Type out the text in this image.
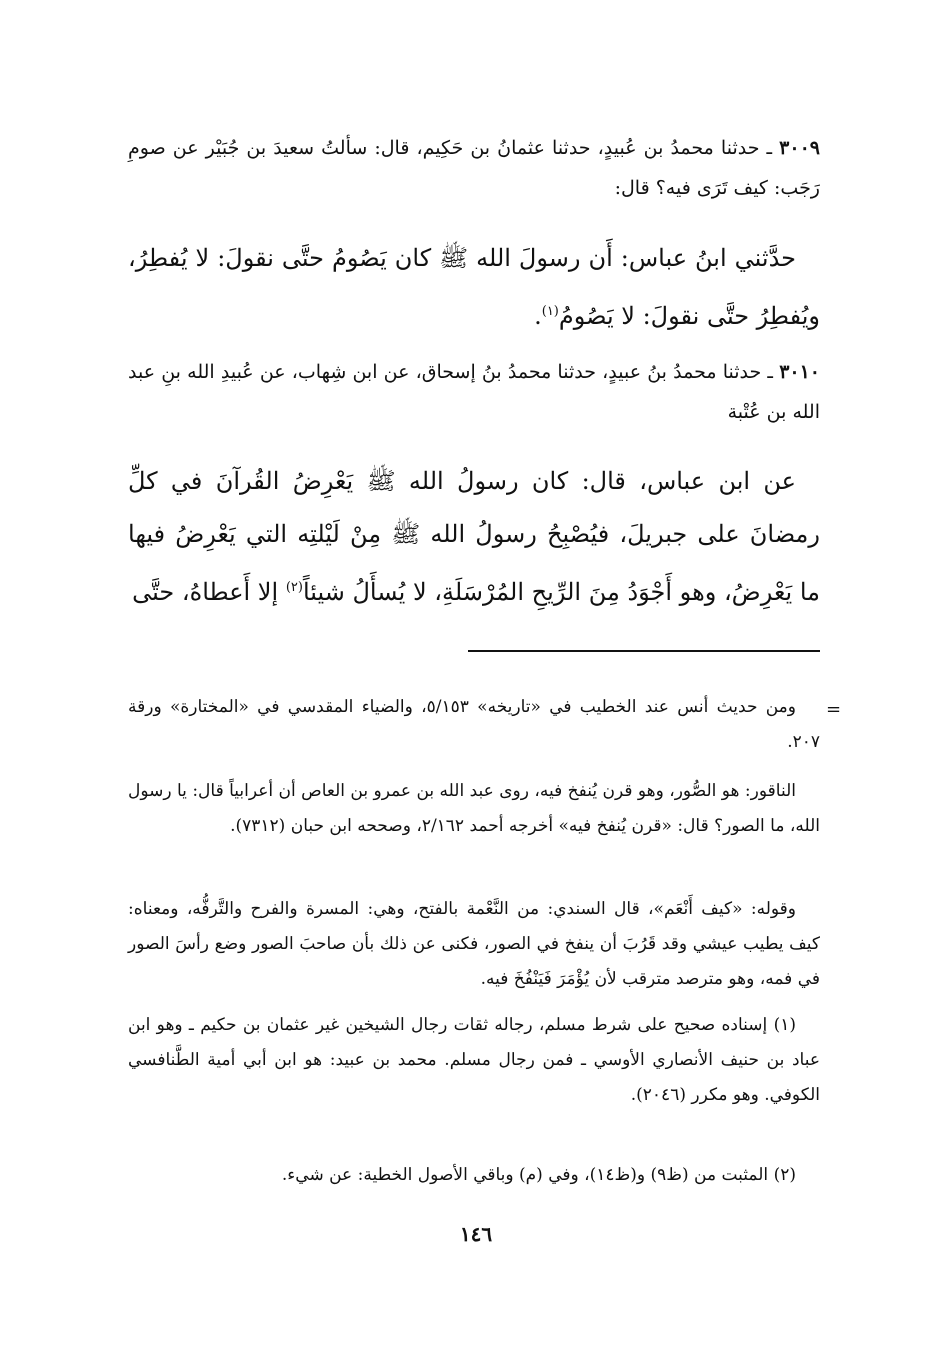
٣٠٠٩ ـ حدثنا محمدُ بن عُبيدٍ، حدثنا عثمانُ بن حَكِيم، قال: سألتُ سعيدَ بن جُبَيْر عن صومِ رَجَب: كيف تَرَى فيه؟ قال:
حدَّثني ابنُ عباس: أَن رسولَ الله ﷺ كان يَصُومُ حتَّى نقولَ: لا يُفطِرُ، ويُفطِرُ حتَّى نقولَ: لا يَصُومُ$^{(١)}$.
٣٠١٠ ـ حدثنا محمدُ بنُ عبيدٍ، حدثنا محمدُ بنُ إسحاق، عن ابن شِهاب، عن عُبيدِ الله بنِ عبد الله بن عُتْبة
عن ابن عباس، قال: كان رسولُ الله ﷺ يَعْرِضُ القُرآنَ في كلِّ رمضانَ على جبريلَ، فيُصْبِحُ رسولُ الله ﷺ مِنْ لَيْلتِه التي يَعْرِضُ فيها ما يَعْرِضُ، وهو أَجْوَدُ مِنَ الرِّيحِ المُرْسَلَةِ، لا يُسأَلُ شيئاً$^{(٢)}$ إلا أَعطاهُ، حتَّى
=
ومن حديث أنس عند الخطيب في «تاريخه» ٥/١٥٣، والضياء المقدسي في «المختارة» ورقة ٢٠٧.
الناقور: هو الصُّور، وهو قرن يُنفخ فيه، روى عبد الله بن عمرو بن العاص أن أعرابياً قال: يا رسول الله، ما الصور؟ قال: «قرن يُنفخ فيه» أخرجه أحمد ٢/١٦٢، وصححه ابن حبان (٧٣١٢).
وقوله: «كيف أَنْعَم»، قال السندي: من النَّعْمة بالفتح، وهي: المسرة والفرح والتَّرفُّه، ومعناه: كيف يطيب عيشي وقد قَرُبَ أن ينفخ في الصور، فكنى عن ذلك بأن صاحبَ الصور وضع رأسَ الصور في فمه، وهو مترصد مترقب لأن يُؤْمَرَ فَيَنْفُخَ فيه.
(١) إسناده صحيح على شرط مسلم، رجاله ثقات رجال الشيخين غير عثمان بن حكيم ـ وهو ابن عباد بن حنيف الأنصاري الأوسي ـ فمن رجال مسلم. محمد بن عبيد: هو ابن أبي أمية الطَّنافسي الكوفي. وهو مكرر (٢٠٤٦).
(٢) المثبت من (ظ٩) و(ظ١٤)، وفي (م) وباقي الأصول الخطية: عن شيء.
١٤٦
